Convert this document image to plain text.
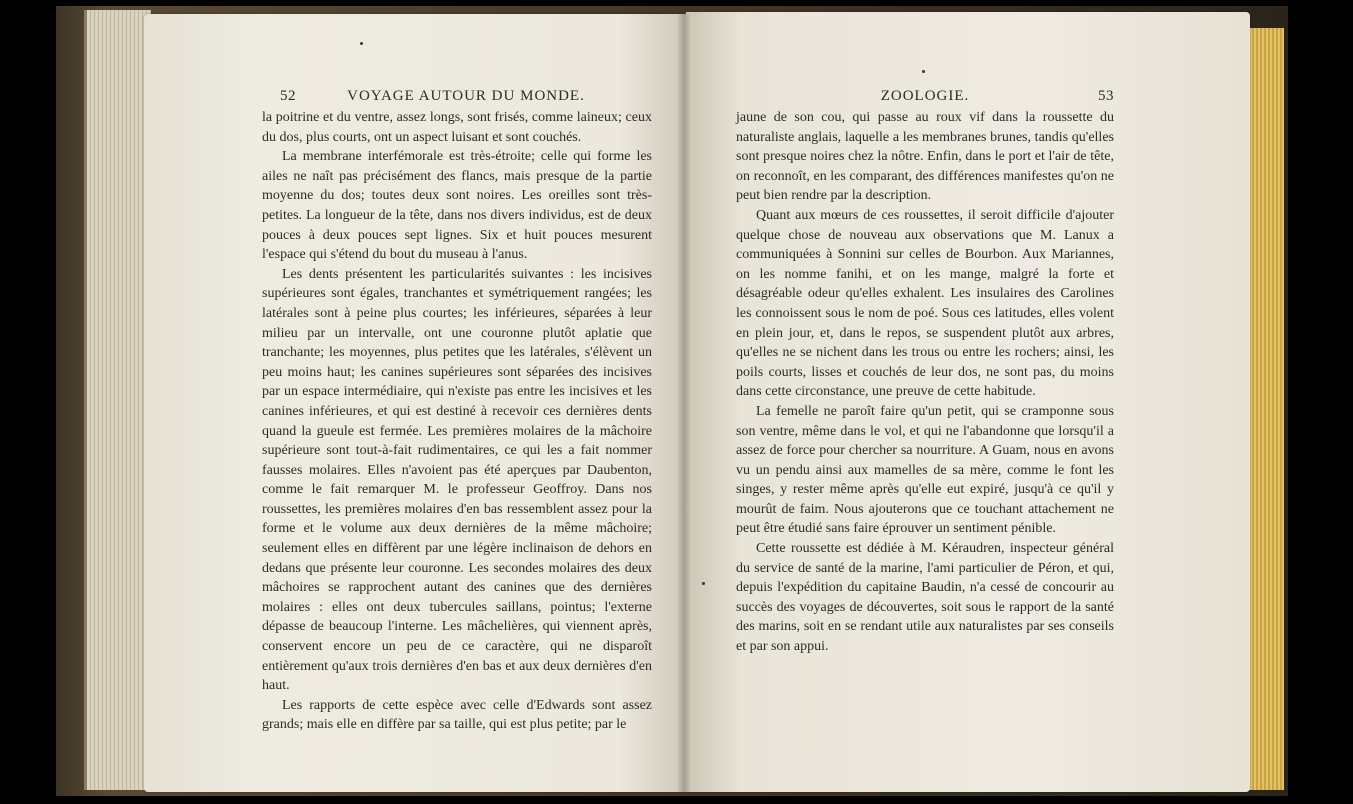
52	VOYAGE AUTOUR DU MONDE.	ZOOLOGIE.	53

la poitrine et du ventre, assez longs, sont frisés, comme laineux; ceux du dos, plus courts, ont un aspect luisant et sont couchés.

La membrane interfémorale est très-étroite; celle qui forme les ailes ne naît pas précisément des flancs, mais presque de la partie moyenne du dos; toutes deux sont noires. Les oreilles sont très-petites. La longueur de la tête, dans nos divers individus, est de deux pouces à deux pouces sept lignes. Six et huit pouces mesurent l'espace qui s'étend du bout du museau à l'anus.

Les dents présentent les particularités suivantes : les incisives supérieures sont égales, tranchantes et symétriquement rangées; les latérales sont à peine plus courtes; les inférieures, séparées à leur milieu par un intervalle, ont une couronne plutôt aplatie que tranchante; les moyennes, plus petites que les latérales, s'élèvent un peu moins haut; les canines supérieures sont séparées des incisives par un espace intermédiaire, qui n'existe pas entre les incisives et les canines inférieures, et qui est destiné à recevoir ces dernières dents quand la gueule est fermée. Les premières molaires de la mâchoire supérieure sont tout-à-fait rudimentaires, ce qui les a fait nommer fausses molaires. Elles n'avoient pas été aperçues par Daubenton, comme le fait remarquer M. le professeur Geoffroy. Dans nos roussettes, les premières molaires d'en bas ressemblent assez pour la forme et le volume aux deux dernières de la même mâchoire; seulement elles en diffèrent par une légère inclinaison de dehors en dedans que présente leur couronne. Les secondes molaires des deux mâchoires se rapprochent autant des canines que des dernières molaires : elles ont deux tubercules saillans, pointus; l'externe dépasse de beaucoup l'interne. Les mâchelières, qui viennent après, conservent encore un peu de ce caractère, qui ne disparoît entièrement qu'aux trois dernières d'en bas et aux deux dernières d'en haut.

Les rapports de cette espèce avec celle d'Edwards sont assez grands; mais elle en diffère par sa taille, qui est plus petite; par le

jaune de son cou, qui passe au roux vif dans la roussette du naturaliste anglais, laquelle a les membranes brunes, tandis qu'elles sont presque noires chez la nôtre. Enfin, dans le port et l'air de tête, on reconnoît, en les comparant, des différences manifestes qu'on ne peut bien rendre par la description.

Quant aux mœurs de ces roussettes, il seroit difficile d'ajouter quelque chose de nouveau aux observations que M. Lanux a communiquées à Sonnini sur celles de Bourbon. Aux Mariannes, on les nomme fanihi, et on les mange, malgré la forte et désagréable odeur qu'elles exhalent. Les insulaires des Carolines les connoissent sous le nom de poé. Sous ces latitudes, elles volent en plein jour, et, dans le repos, se suspendent plutôt aux arbres, qu'elles ne se nichent dans les trous ou entre les rochers; ainsi, les poils courts, lisses et couchés de leur dos, ne sont pas, du moins dans cette circonstance, une preuve de cette habitude.

La femelle ne paroît faire qu'un petit, qui se cramponne sous son ventre, même dans le vol, et qui ne l'abandonne que lorsqu'il a assez de force pour chercher sa nourriture. A Guam, nous en avons vu un pendu ainsi aux mamelles de sa mère, comme le font les singes, y rester même après qu'elle eut expiré, jusqu'à ce qu'il y mourût de faim. Nous ajouterons que ce touchant attachement ne peut être étudié sans faire éprouver un sentiment pénible.

Cette roussette est dédiée à M. Kéraudren, inspecteur général du service de santé de la marine, l'ami particulier de Péron, et qui, depuis l'expédition du capitaine Baudin, n'a cessé de concourir au succès des voyages de découvertes, soit sous le rapport de la santé des marins, soit en se rendant utile aux naturalistes par ses conseils et par son appui.
